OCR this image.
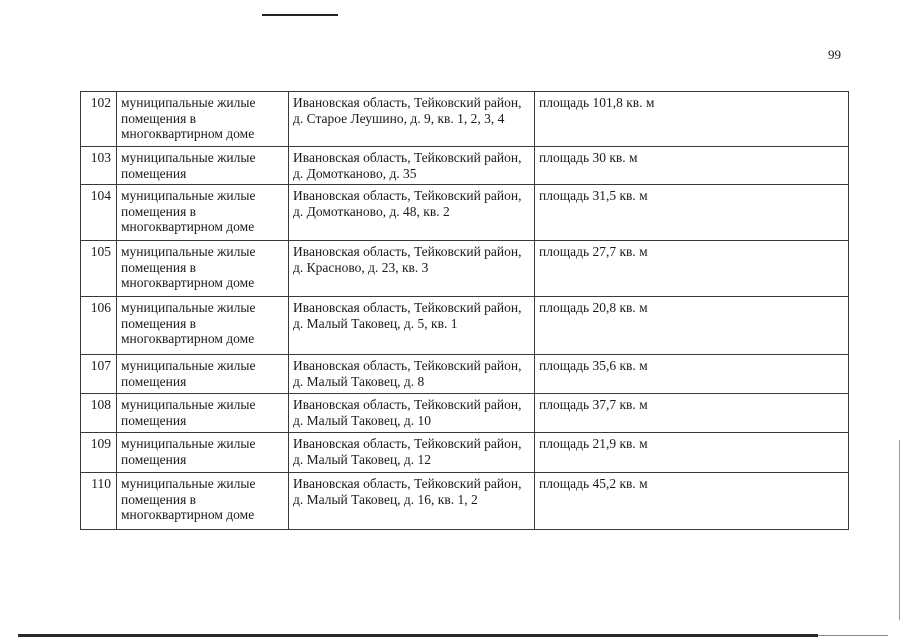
99
102	муниципальные жилые помещения в многоквартирном доме	Ивановская область, Тейковский район, д. Старое Леушино, д. 9, кв. 1, 2, 3, 4	площадь 101,8 кв. м
103	муниципальные жилые помещения	Ивановская область, Тейковский район, д. Домотканово, д. 35	площадь 30 кв. м
104	муниципальные жилые помещения в многоквартирном доме	Ивановская область, Тейковский район, д. Домотканово, д. 48, кв. 2	площадь 31,5 кв. м
105	муниципальные жилые помещения в многоквартирном доме	Ивановская область, Тейковский район, д. Красново, д. 23, кв. 3	площадь 27,7 кв. м
106	муниципальные жилые помещения в многоквартирном доме	Ивановская область, Тейковский район, д. Малый Таковец, д. 5, кв. 1	площадь 20,8 кв. м
107	муниципальные жилые помещения	Ивановская область, Тейковский район, д. Малый Таковец, д. 8	площадь 35,6 кв. м
108	муниципальные жилые помещения	Ивановская область, Тейковский район, д. Малый Таковец, д. 10	площадь 37,7 кв. м
109	муниципальные жилые помещения	Ивановская область, Тейковский район, д. Малый Таковец, д. 12	площадь 21,9 кв. м
110	муниципальные жилые помещения в многоквартирном доме	Ивановская область, Тейковский район, д. Малый Таковец, д. 16, кв. 1, 2	площадь 45,2 кв. м
